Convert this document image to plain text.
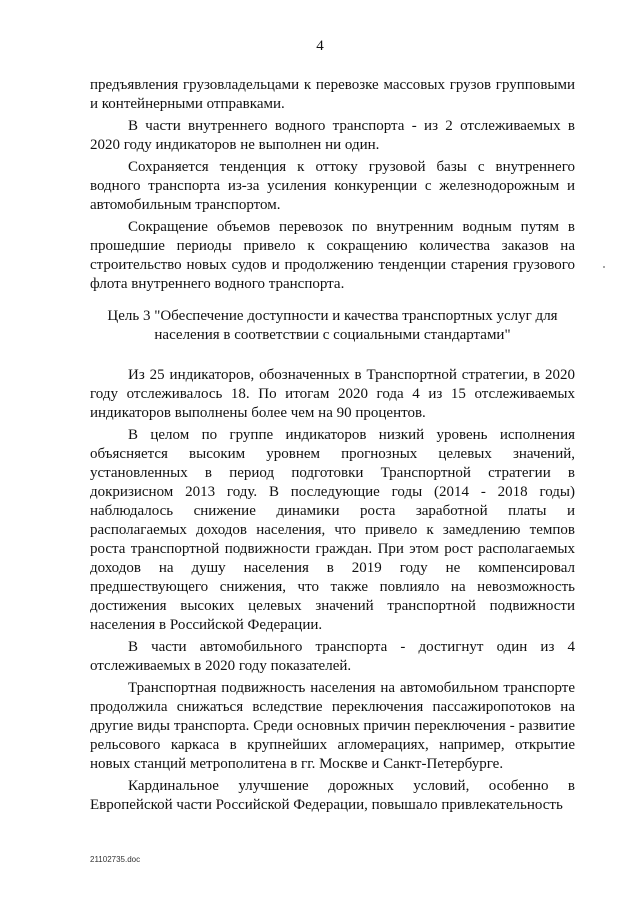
4

предъявления грузовладельцами к перевозке массовых грузов групповыми и контейнерными отправками.

В части внутреннего водного транспорта - из 2 отслеживаемых в 2020 году индикаторов не выполнен ни один.

Сохраняется тенденция к оттоку грузовой базы с внутреннего водного транспорта из-за усиления конкуренции с железнодорожным и автомобильным транспортом.

Сокращение объемов перевозок по внутренним водным путям в прошедшие периоды привело к сокращению количества заказов на строительство новых судов и продолжению тенденции старения грузового флота внутреннего водного транспорта.

Цель 3 "Обеспечение доступности и качества транспортных услуг для
населения в соответствии с социальными стандартами"

Из 25 индикаторов, обозначенных в Транспортной стратегии, в 2020 году отслеживалось 18. По итогам 2020 года 4 из 15 отслеживаемых индикаторов выполнены более чем на 90 процентов.

В целом по группе индикаторов низкий уровень исполнения объясняется высоким уровнем прогнозных целевых значений, установленных в период подготовки Транспортной стратегии в докризисном 2013 году. В последующие годы (2014 - 2018 годы) наблюдалось снижение динамики роста заработной платы и располагаемых доходов населения, что привело к замедлению темпов роста транспортной подвижности граждан. При этом рост располагаемых доходов на душу населения в 2019 году не компенсировал предшествующего снижения, что также повлияло на невозможность достижения высоких целевых значений транспортной подвижности населения в Российской Федерации.

В части автомобильного транспорта - достигнут один из 4 отслеживаемых в 2020 году показателей.

Транспортная подвижность населения на автомобильном транспорте продолжила снижаться вследствие переключения пассажиропотоков на другие виды транспорта. Среди основных причин переключения - развитие рельсового каркаса в крупнейших агломерациях, например, открытие новых станций метрополитена в гг. Москве и Санкт-Петербурге.

Кардинальное улучшение дорожных условий, особенно в Европейской части Российской Федерации, повышало привлекательность

21102735.doc
